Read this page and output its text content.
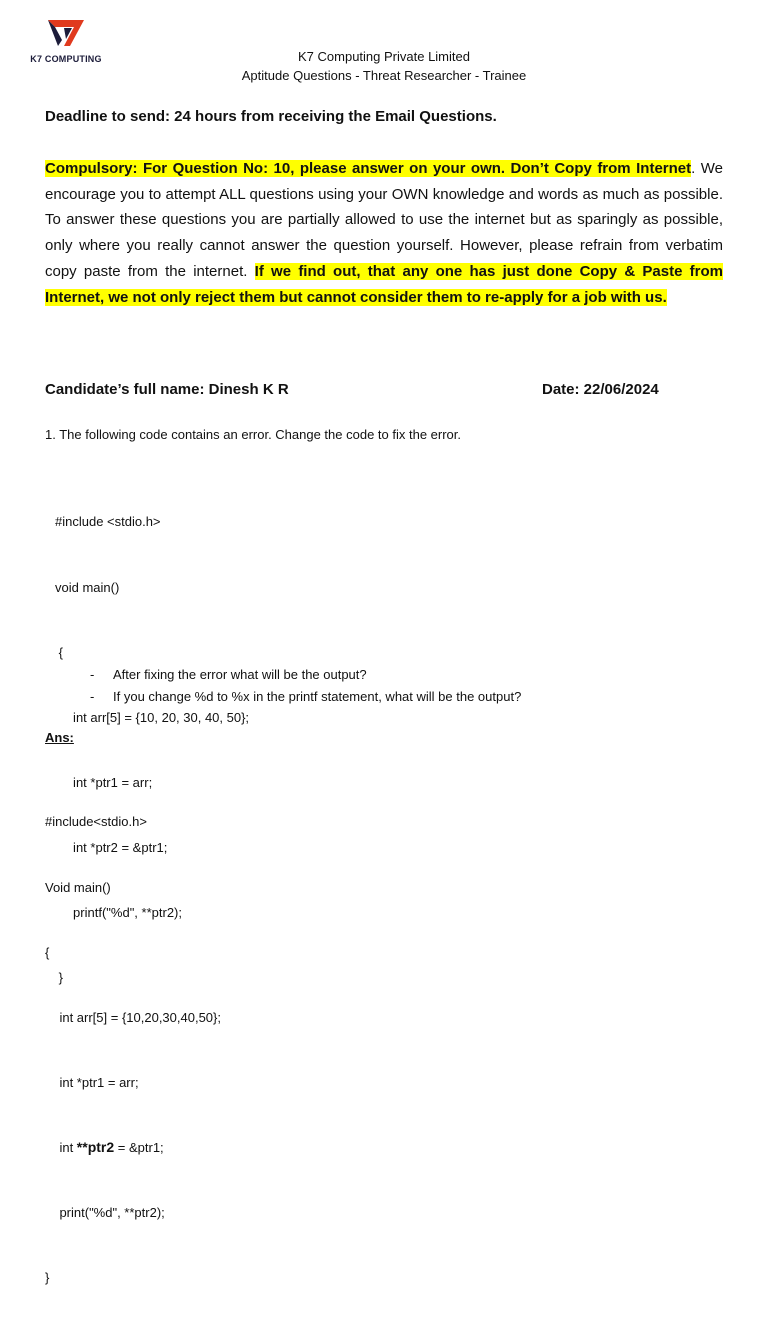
K7 COMPUTING	K7 Computing Private Limited
Aptitude Questions - Threat Researcher - Trainee
Deadline to send: 24 hours from receiving the Email Questions.
Compulsory: For Question No: 10, please answer on your own. Don’t Copy from Internet. We encourage you to attempt ALL questions using your OWN knowledge and words as much as possible. To answer these questions you are partially allowed to use the internet but as sparingly as possible, only where you really cannot answer the question yourself. However, please refrain from verbatim copy paste from the internet. If we find out, that any one has just done Copy & Paste from Internet, we not only reject them but cannot consider them to re-apply for a job with us.
Candidate’s full name: Dinesh K R	Date: 22/06/2024
1. The following code contains an error. Change the code to fix the error.

#include <stdio.h>

void main()

{

int arr[5] = {10, 20, 30, 40, 50};

int *ptr1 = arr;

int *ptr2 = &ptr1;

printf("%d", **ptr2);

}

-	After fixing the error what will be the output?
-	If you change %d to %x in the printf statement, what will be the output?
Ans:

#include<stdio.h>

Void main()

{

int arr[5] = {10,20,30,40,50};

int *ptr1 = arr;

int **ptr2 = &ptr1;

print("%d", **ptr2);

}
